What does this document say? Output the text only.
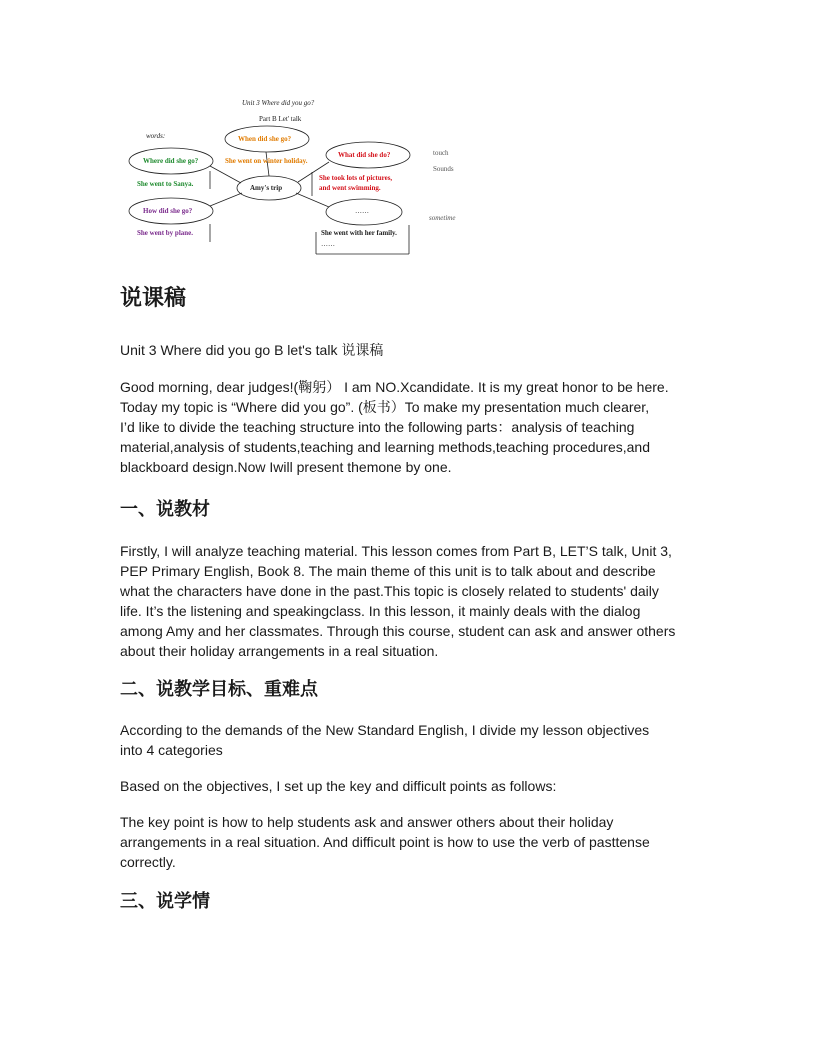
Unit 3 Where did you go?
Part B Let' talk
words:	When did she go?
She went on winter holiday.
Where did she go?
She went to Sanya.
What did she do?
She took lots of pictures,
and went swimming.
Amy's trip
How did she go?
She went by plane.
……
She went with her family.
……
touch
Sounds
sometime
说课稿

Unit 3 Where did you go B let's talk 说课稿

Good morning, dear judges!(鞠躬） I am NO.Xcandidate. It is my great honor to be here.
Today my topic is “Where did you go”. (板书）To make my presentation much clearer,
I’d like to divide the teaching structure into the following parts：analysis of teaching
material,analysis of students,teaching and learning methods,teaching procedures,and
blackboard design.Now Iwill present themone by one.
一、说教材
Firstly, I will analyze teaching material. This lesson comes from Part B, LET’S talk, Unit 3,
PEP Primary English, Book 8. The main theme of this unit is to talk about and describe
what the characters have done in the past.This topic is closely related to students' daily
life. It’s the listening and speakingclass. In this lesson, it mainly deals with the dialog
among Amy and her classmates. Through this course, student can ask and answer others
about their holiday arrangements in a real situation.
二、说教学目标、重难点
According to the demands of the New Standard English, I divide my lesson objectives
into 4 categories

Based on the objectives, I set up the key and difficult points as follows:

The key point is how to help students ask and answer others about their holiday
arrangements in a real situation. And difficult point is how to use the verb of pasttense
correctly.
三、说学情
